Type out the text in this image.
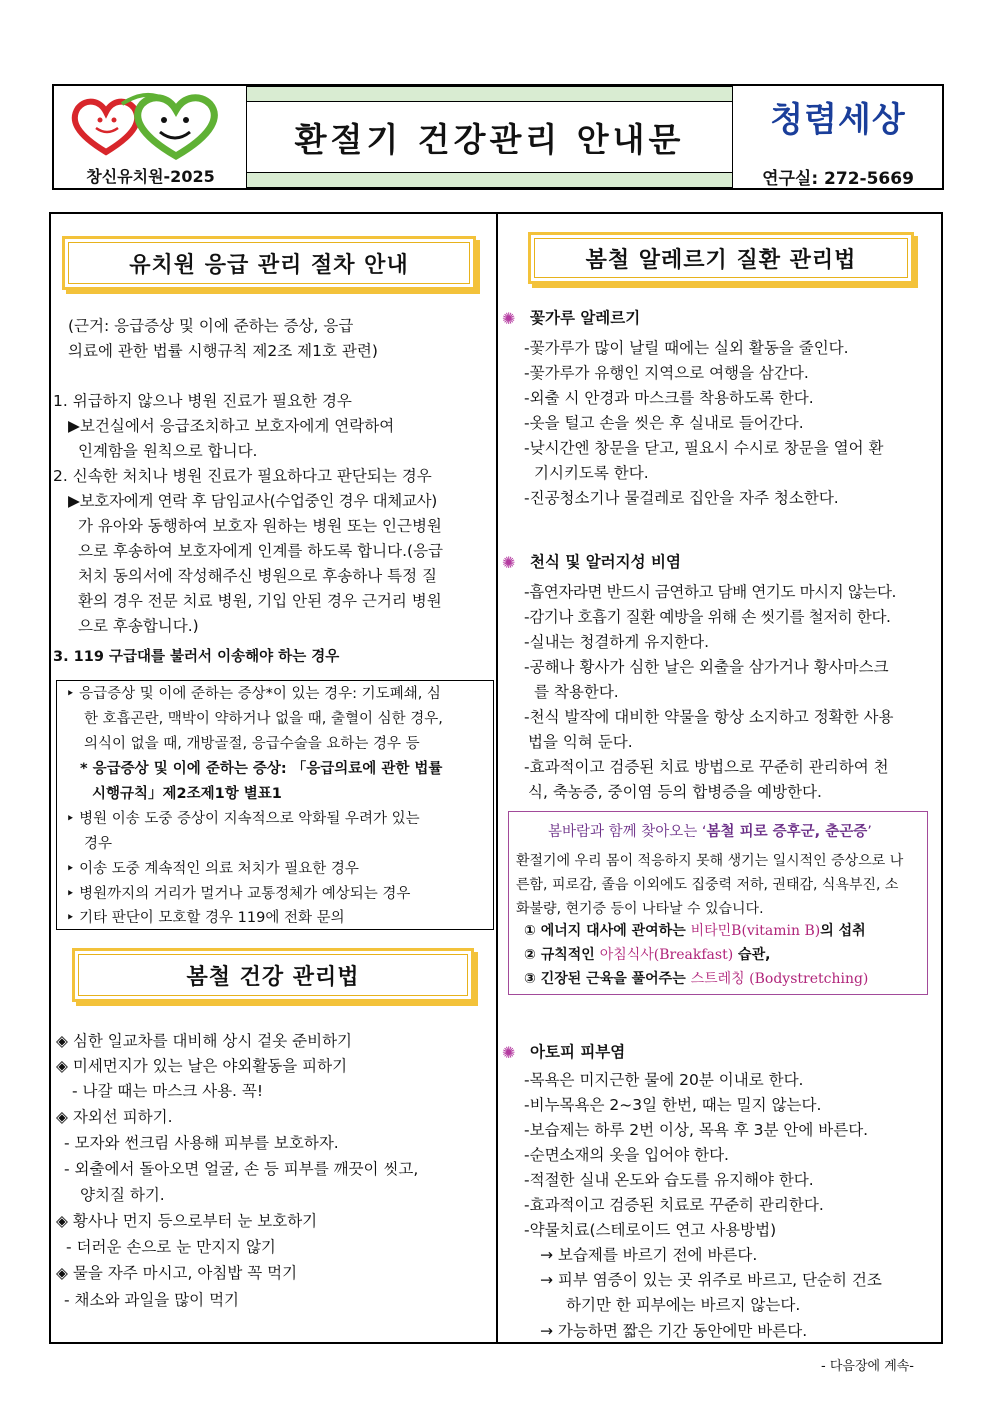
창신유치원-2025
환절기 건강관리 안내문	청렴세상
연구실: 272-5669
유치원 응급 관리 절차 안내
(근거: 응급증상 및 이에 준하는 증상, 응급
의료에 관한 법률 시행규칙 제2조 제1호 관련)
1. 위급하지 않으나 병원 진료가 필요한 경우
▶보건실에서 응급조치하고 보호자에게 연락하여
인계함을 원칙으로 합니다.
2. 신속한 처치나 병원 진료가 필요하다고 판단되는 경우
▶보호자에게 연락 후 담임교사(수업중인 경우 대체교사)
가 유아와 동행하여 보호자 원하는 병원 또는 인근병원
으로 후송하여 보호자에게 인계를 하도록 합니다.(응급
처치 동의서에 작성해주신 병원으로 후송하나 특정 질
환의 경우 전문 치료 병원, 기입 안된 경우 근거리 병원
으로 후송합니다.)
3. 119 구급대를 불러서 이송해야 하는 경우
‣ 응급증상 및 이에 준하는 증상*이 있는 경우: 기도폐쇄, 심
한 호흡곤란, 맥박이 약하거나 없을 때, 출혈이 심한 경우,
의식이 없을 때, 개방골절, 응급수술을 요하는 경우 등
* 응급증상 및 이에 준하는 증상: 「응급의료에 관한 법률
시행규칙」제2조제1항 별표1
‣ 병원 이송 도중 증상이 지속적으로 악화될 우려가 있는
경우
‣ 이송 도중 계속적인 의료 처치가 필요한 경우
‣ 병원까지의 거리가 멀거나 교통정체가 예상되는 경우
‣ 기타 판단이 모호할 경우 119에 전화 문의
봄철 건강 관리법
◈ 심한 일교차를 대비해 상시 겉옷 준비하기
◈ 미세먼지가 있는 날은 야외활동을 피하기
- 나갈 때는 마스크 사용. 꼭!
◈ 자외선 피하기.
- 모자와 썬크림 사용해 피부를 보호하자.
- 외출에서 돌아오면 얼굴, 손 등 피부를 깨끗이 씻고,
양치질 하기.
◈ 황사나 먼지 등으로부터 눈 보호하기
- 더러운 손으로 눈 만지지 않기
◈ 물을 자주 마시고, 아침밥 꼭 먹기
- 채소와 과일을 많이 먹기
봄철 알레르기 질환 관리법
✺ 꽃가루 알레르기
-꽃가루가 많이 날릴 때에는 실외 활동을 줄인다.
-꽃가루가 유행인 지역으로 여행을 삼간다.
-외출 시 안경과 마스크를 착용하도록 한다.
-옷을 털고 손을 씻은 후 실내로 들어간다.
-낮시간엔 창문을 닫고, 필요시 수시로 창문을 열어 환
기시키도록 한다.
-진공청소기나 물걸레로 집안을 자주 청소한다.
✺ 천식 및 알러지성 비염
-흡연자라면 반드시 금연하고 담배 연기도 마시지 않는다.
-감기나 호흡기 질환 예방을 위해 손 씻기를 철저히 한다.
-실내는 청결하게 유지한다.
-공해나 황사가 심한 날은 외출을 삼가거나 황사마스크
를 착용한다.
-천식 발작에 대비한 약물을 항상 소지하고 정확한 사용
법을 익혀 둔다.
-효과적이고 검증된 치료 방법으로 꾸준히 관리하여 천
식, 축농증, 중이염 등의 합병증을 예방한다.
봄바람과 함께 찾아오는 ‘봄철 피로 증후군, 춘곤증’
환절기에 우리 몸이 적응하지 못해 생기는 일시적인 증상으로 나
른함, 피로감, 졸음 이외에도 집중력 저하, 권태감, 식욕부진, 소
화불량, 현기증 등이 나타날 수 있습니다.
① 에너지 대사에 관여하는 비타민B(vitamin B)의 섭취
② 규칙적인 아침식사(Breakfast) 습관,
③ 긴장된 근육을 풀어주는 스트레칭 (Bodystretching)
✺ 아토피 피부염
-목욕은 미지근한 물에 20분 이내로 한다.
-비누목욕은 2~3일 한번, 때는 밀지 않는다.
-보습제는 하루 2번 이상, 목욕 후 3분 안에 바른다.
-순면소재의 옷을 입어야 한다.
-적절한 실내 온도와 습도를 유지해야 한다.
-효과적이고 검증된 치료로 꾸준히 관리한다.
-약물치료(스테로이드 연고 사용방법)
→ 보습제를 바르기 전에 바른다.
→ 피부 염증이 있는 곳 위주로 바르고, 단순히 건조
하기만 한 피부에는 바르지 않는다.
→ 가능하면 짧은 기간 동안에만 바른다.
- 다음장에 계속-
